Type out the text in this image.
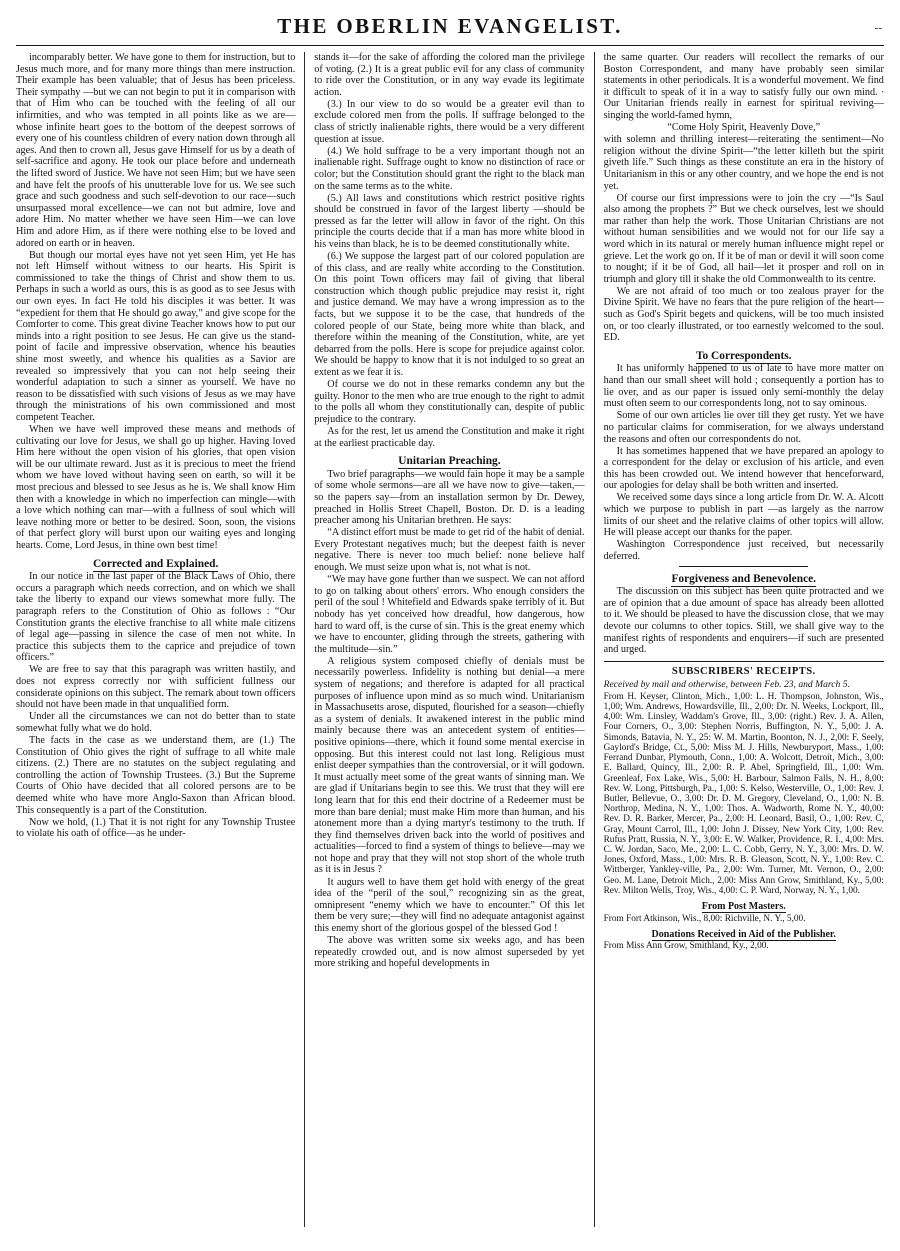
THE OBERLIN EVANGELIST.	--

incomparably better. We have gone to them for instruction, but to Jesus much more, and for many more things than mere instruction. Their example has been valuable; that of Jesus has been priceless. Their sympathy —but we can not begin to put it in comparison with that of Him who can be touched with the feeling of all our infirmities, and who was tempted in all points like as we are—whose infinite heart goes to the bottom of the deepest sorrows of every one of his countless children of every nation down through all ages. And then to crown all, Jesus gave Himself for us by a death of self-sacrifice and agony. He took our place before and underneath the lifted sword of Justice. We have not seen Him; but we have seen and have felt the proofs of his unutterable love for us. We see such grace and such goodness and such self-devotion to our race—such unsurpassed moral excellence—we can not but admire, love and adore Him. No matter whether we have seen Him—we can love Him and adore Him, as if there were nothing else to be loved and adored on earth or in heaven.

But though our mortal eyes have not yet seen Him, yet He has not left Himself without witness to our hearts. His Spirit is commissioned to take the things of Christ and show them to us. Perhaps in such a world as ours, this is as good as to see Jesus with our own eyes. In fact He told his disciples it was better. It was “expedient for them that He should go away,” and give scope for the Comforter to come. This great divine Teacher knows how to put our minds into a right position to see Jesus. He can give us the stand-point of facile and impressive observation, whence his beauties shine most sweetly, and whence his qualities as a Savior are revealed so impressively that you can not help seeing their wonderful adaptation to such a sinner as yourself. We have no reason to be dissatisfied with such visions of Jesus as we may have through the ministrations of his own commissioned and most competent Teacher.

When we have well improved these means and methods of cultivating our love for Jesus, we shall go up higher. Having loved Him here without the open vision of his glories, that open vision will be our ultimate reward. Just as it is precious to meet the friend whom we have loved without having seen on earth, so will it be most precious and blessed to see Jesus as he is. We shall know Him then with a knowledge in which no imperfection can mingle—with a love which nothing can mar—with a fullness of soul which will leave nothing more or better to be desired. Soon, soon, the visions of that perfect glory will burst upon our waiting eyes and longing hearts. Come, Lord Jesus, in thine own best time!

Corrected and Explained.

In our notice in the last paper of the Black Laws of Ohio, there occurs a paragraph which needs correction, and on which we shall take the liberty to expand our views somewhat more fully. The paragraph refers to the Constitution of Ohio as follows : “Our Constitution grants the elective franchise to all white male citizens of legal age—passing in silence the case of men not white. In practice this subjects them to the caprice and prejudice of town officers.”

We are free to say that this paragraph was written hastily, and does not express correctly nor with sufficient fullness our considerate opinions on this subject. The remark about town officers should not have been made in that unqualified form.

Under all the circumstances we can not do better than to state somewhat fully what we do hold.

The facts in the case as we understand them, are (1.) The Constitution of Ohio gives the right of suffrage to all white male citizens. (2.) There are no statutes on the subject regulating and controlling the action of Township Trustees. (3.) But the Supreme Courts of Ohio have decided that all colored persons are to be deemed white who have more Anglo-Saxon than African blood. This consequently is a part of the Constitution.

Now we hold, (1.) That it is not right for any Township Trustee to violate his oath of office—as he under-

stands it—for the sake of affording the colored man the privilege of voting. (2.) It is a great public evil for any class of community to ride over the Constitution, or in any way evade its legitimate action.

(3.) In our view to do so would be a greater evil than to exclude colored men from the polls. If suffrage belonged to the class of strictly inalienable rights, there would be a very different question at issue.

(4.) We hold suffrage to be a very important though not an inalienable right. Suffrage ought to know no distinction of race or color; but the Constitution should grant the right to the black man on the same terms as to the white.

(5.) All laws and constitutions which restrict positive rights should be construed in favor of the largest liberty —should be pressed as far the letter will allow in favor of the right. On this principle the courts decide that if a man has more white blood in his veins than black, he is to be deemed constitutionally white.

(6.) We suppose the largest part of our colored population are of this class, and are really white according to the Constitution. On this point Town officers may fail of giving that liberal construction which though public prejudice may resist it, right and justice demand. We may have a wrong impression as to the facts, but we suppose it to be the case, that hundreds of the colored people of our State, being more white than black, and therefore within the meaning of the Constitution, white, are yet debarred from the polls. Here is scope for prejudice against color. We should be happy to know that it is not indulged to so great an extent as we fear it is.

Of course we do not in these remarks condemn any but the guilty. Honor to the men who are true enough to the right to admit to the polls all whom they constitutionally can, despite of public prejudice to the contrary.

As for the rest, let us amend the Constitution and make it right at the earliest practicable day.

Unitarian Preaching.

Two brief paragraphs—we would fain hope it may be a sample of some whole sermons—are all we have now to give—taken,—so the papers say—from an installation sermon by Dr. Dewey, preached in Hollis Street Chapell, Boston. Dr. D. is a leading preacher among his Unitarian brethren. He says:

“A distinct effort must be made to get rid of the habit of denial. Every Protestant negatives much; but the deepest faith is never negative. There is never too much belief: none believe half enough. We must seize upon what is, not what is not.

“We may have gone further than we suspect. We can not afford to go on talking about others' errors. Who enough considers the peril of the soul ! Whitefield and Edwards spake terribly of it. But nobody has yet conceived how dreadful, how dangerous, how hard to ward off, is the curse of sin. This is the great enemy which we have to encounter, gliding through the streets, gathering with the multitude—sin.”

A religious system composed chiefly of denials must be necessarily powerless. Infidelity is nothing but denial—a mere system of negations; and therefore is adapted for all practical purposes of influence upon mind as so much wind. Unitarianism in Massachusetts arose, disputed, flourished for a season—chiefly as a system of denials. It awakened interest in the public mind mainly because there was an antecedent system of entities—positive opinions—there, which it found some mental exercise in opposing. But this interest could not last long. Religious must enlist deeper sympathies than the controversial, or it will godown. It must actually meet some of the great wants of sinning man. We are glad if Unitarians begin to see this. We trust that they will ere long learn that for this end their doctrine of a Redeemer must be more than bare denial; must make Him more than human, and his atonement more than a dying martyr's testimony to the truth. If they find themselves driven back into the world of positives and actualities—forced to find a system of things to believe—may we not hope and pray that they will not stop short of the whole truth as it is in Jesus ?

It augurs well to have them get hold with energy of the great idea of the “peril of the soul,” recognizing sin as the great, omnipresent “enemy which we have to encounter.” Of this let them be very sure;—they will find no adequate antagonist against this enemy short of the glorious gospel of the blessed God !

The above was written some six weeks ago, and has been repeatedly crowded out, and is now almost superseded by yet more striking and hopeful developments in

the same quarter. Our readers will recollect the remarks of our Boston Correspondent, and many have probably seen similar statements in other periodicals. It is a wonderful movement. We find it difficult to speak of it in a way to satisfy fully our own mind. ∙ Our Unitarian friends really in earnest for spiritual reviving—singing the world-famed hymn,

“Come Holy Spirit, Heavenly Dove,”

with solemn and thrilling interest—reiterating the sentiment—No religion without the divine Spirit—“the letter killeth but the spirit giveth life.” Such things as these constitute an era in the history of Unitarianism in this or any other country, and we hope the end is not yet.

Of course our first impressions were to join the cry —“Is Saul also among the prophets ?” But we check ourselves, lest we should mar rather than help the work. Those Unitarian Christians are not without human sensibilities and we would not for our life say a word which in its natural or merely human influence might repel or grieve. Let the work go on. If it be of man or devil it will soon come to nought; if it be of God, all hail—let it prosper and roll on in triumph and glory till it shake the old Commonwealth to its centre.

We are not afraid of too much or too zealous prayer for the Divine Spirit. We have no fears that the pure religion of the heart—such as God's Spirit begets and quickens, will be too much insisted on, or too clearly illustrated, or too earnestly welcomed to the soul. ED.

To Correspondents.

It has uniformly happened to us of late to have more matter on hand than our small sheet will hold ; consequently a portion has to lie over, and as our paper is issued only semi-monthly the delay must often seem to our correspondents long, not to say ominous.

Some of our own articles lie over till they get rusty. Yet we have no particular claims for commiseration, for we always understand the reasons and often our correspondents do not.

It has sometimes happened that we have prepared an apology to a correspondent for the delay or exclusion of his article, and even this has been crowded out. We intend however that henceforward, our apologies for delay shall be both written and inserted.

We received some days since a long article from Dr. W. A. Alcott which we purpose to publish in part —as largely as the narrow limits of our sheet and the relative claims of other topics will allow. He will please accept our thanks for the paper.

Washington Correspondence just received, but necessarily deferred.

Forgiveness and Benevolence.

The discussion on this subject has been quite protracted and we are of opinion that a due amount of space has already been allotted to it. We should be pleased to have the discussion close, that we may devote our columns to other topics. Still, we shall give way to the manifest rights of respondents and enquirers—if such are presented and urged.

SUBSCRIBERS' RECEIPTS.

Received by mail and otherwise, between Feb. 23, and March 5.

From H. Keyser, Clinton, Mich., 1,00: L. H. Thompson, Johnston, Wis., 1,00; Wm. Andrews, Howardsville, Ill., 2,00: Dr. N. Weeks, Lockport, Ill., 4,00: Wm. Linsley, Waddam's Grove, Ill., 3,00: (right.) Rev. J. A. Allen, Four Corners, O., 3,00: Stephen Norris, Buffington, N. Y., 5,00: J. A. Simonds, Batavia, N. Y., 25: W. M. Martin, Boonton, N. J., 2,00: F. Seely, Gaylord's Bridge, Ct., 5,00: Miss M. J. Hills, Newburyport, Mass., 1,00: Ferrand Dunbar, Plymouth, Conn., 1,00: A. Wolcott, Detroit, Mich., 3,00: E. Ballard, Quincy, Ill., 2,00: R. P. Abel, Springfield, Ill., 1,00: Wm. Greenleaf, Fox Lake, Wis., 5,00: H. Barbour, Salmon Falls, N. H., 8,00: Rev. W. Long, Pittsburgh, Pa., 1,00: S. Kelso, Westerville, O., 1,00: Rev. J. Butler, Bellevue, O., 3,00: Dr. D. M. Gregory, Cleveland, O., 1,00: N. B. Northrop, Medina, N. Y., 1,00: Thos. A. Wadworth, Rome N. Y., 40,00: Rev. D. R. Barker, Mercer, Pa., 2,00: H. Leonard, Basil, O., 1,00: Rev. C, Gray, Mount Carrol, Ill., 1,00: John J. Dissey, New York City, 1,00: Rev. Rufus Pratt, Russia, N. Y., 3,00: E. W. Walker, Providence, R. I., 4,00: Mrs. C. W. Jordan, Saco, Me., 2,00: L. C. Cobb, Gerry, N. Y., 3,00: Mrs. D. W. Jones, Oxford, Mass., 1,00: Mrs. R. B. Gleason, Scott, N. Y., 1,00: Rev. C. Wittberger, Yankley-ville, Pa., 2,00: Wm. Turner, Mt. Vernon, O., 2,00: Geo. M. Lane, Detroit Mich., 2,00: Miss Ann Grow, Smithland, Ky., 5,00: Rev. Milton Wells, Troy, Wis., 4,00: C. P. Ward, Norway, N. Y., 1,00.

From Post Masters.

From Fort Atkinson, Wis., 8,00: Richville, N. Y., 5,00.

Donations Received in Aid of the Publisher.

From Miss Ann Grow, Smithland, Ky., 2,00.
